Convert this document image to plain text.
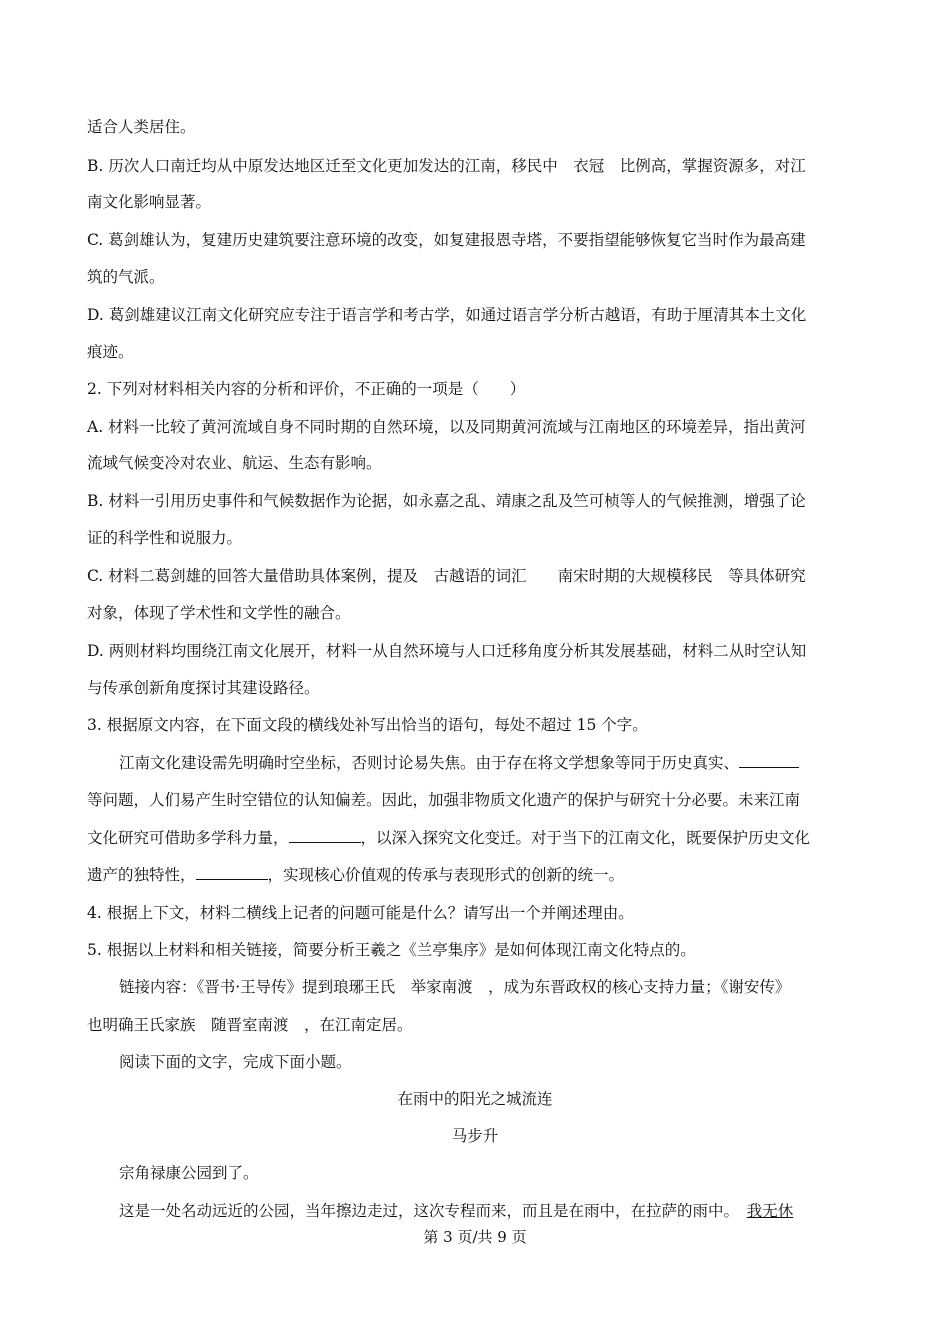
适合人类居住。
B. 历次人口南迁均从中原发达地区迁至文化更加发达的江南，移民中　衣冠　比例高，掌握资源多，对江
南文化影响显著。
C. 葛剑雄认为，复建历史建筑要注意环境的改变，如复建报恩寺塔，不要指望能够恢复它当时作为最高建
筑的气派。
D. 葛剑雄建议江南文化研究应专注于语言学和考古学，如通过语言学分析古越语，有助于厘清其本土文化
痕迹。
2. 下列对材料相关内容的分析和评价，不正确的一项是（　　）
A. 材料一比较了黄河流域自身不同时期的自然环境，以及同期黄河流域与江南地区的环境差异，指出黄河
流域气候变冷对农业、航运、生态有影响。
B. 材料一引用历史事件和气候数据作为论据，如永嘉之乱、靖康之乱及竺可桢等人的气候推测，增强了论
证的科学性和说服力。
C. 材料二葛剑雄的回答大量借助具体案例，提及　古越语的词汇　　南宋时期的大规模移民　等具体研究
对象，体现了学术性和文学性的融合。
D. 两则材料均围绕江南文化展开，材料一从自然环境与人口迁移角度分析其发展基础，材料二从时空认知
与传承创新角度探讨其建设路径。
3. 根据原文内容，在下面文段的横线处补写出恰当的语句，每处不超过 15 个字。
江南文化建设需先明确时空坐标，否则讨论易失焦。由于存在将文学想象等同于历史真实、
等问题，人们易产生时空错位的认知偏差。因此，加强非物质文化遗产的保护与研究十分必要。未来江南
文化研究可借助多学科力量，	，以深入探究文化变迁。对于当下的江南文化，既要保护历史文化
遗产的独特性，	，实现核心价值观的传承与表现形式的创新的统一。
4. 根据上下文，材料二横线上记者的问题可能是什么？请写出一个并阐述理由。
5. 根据以上材料和相关链接，简要分析王羲之《兰亭集序》是如何体现江南文化特点的。
链接内容：《晋书·王导传》提到琅琊王氏　举家南渡　，成为东晋政权的核心支持力量；《谢安传》
也明确王氏家族　随晋室南渡　，在江南定居。
阅读下面的文字，完成下面小题。
在雨中的阳光之城流连
马步升
宗角禄康公园到了。
这是一处名动远近的公园，当年擦边走过，这次专程而来，而且是在雨中，在拉萨的雨中。　我无休
第 3 页/共 9 页
